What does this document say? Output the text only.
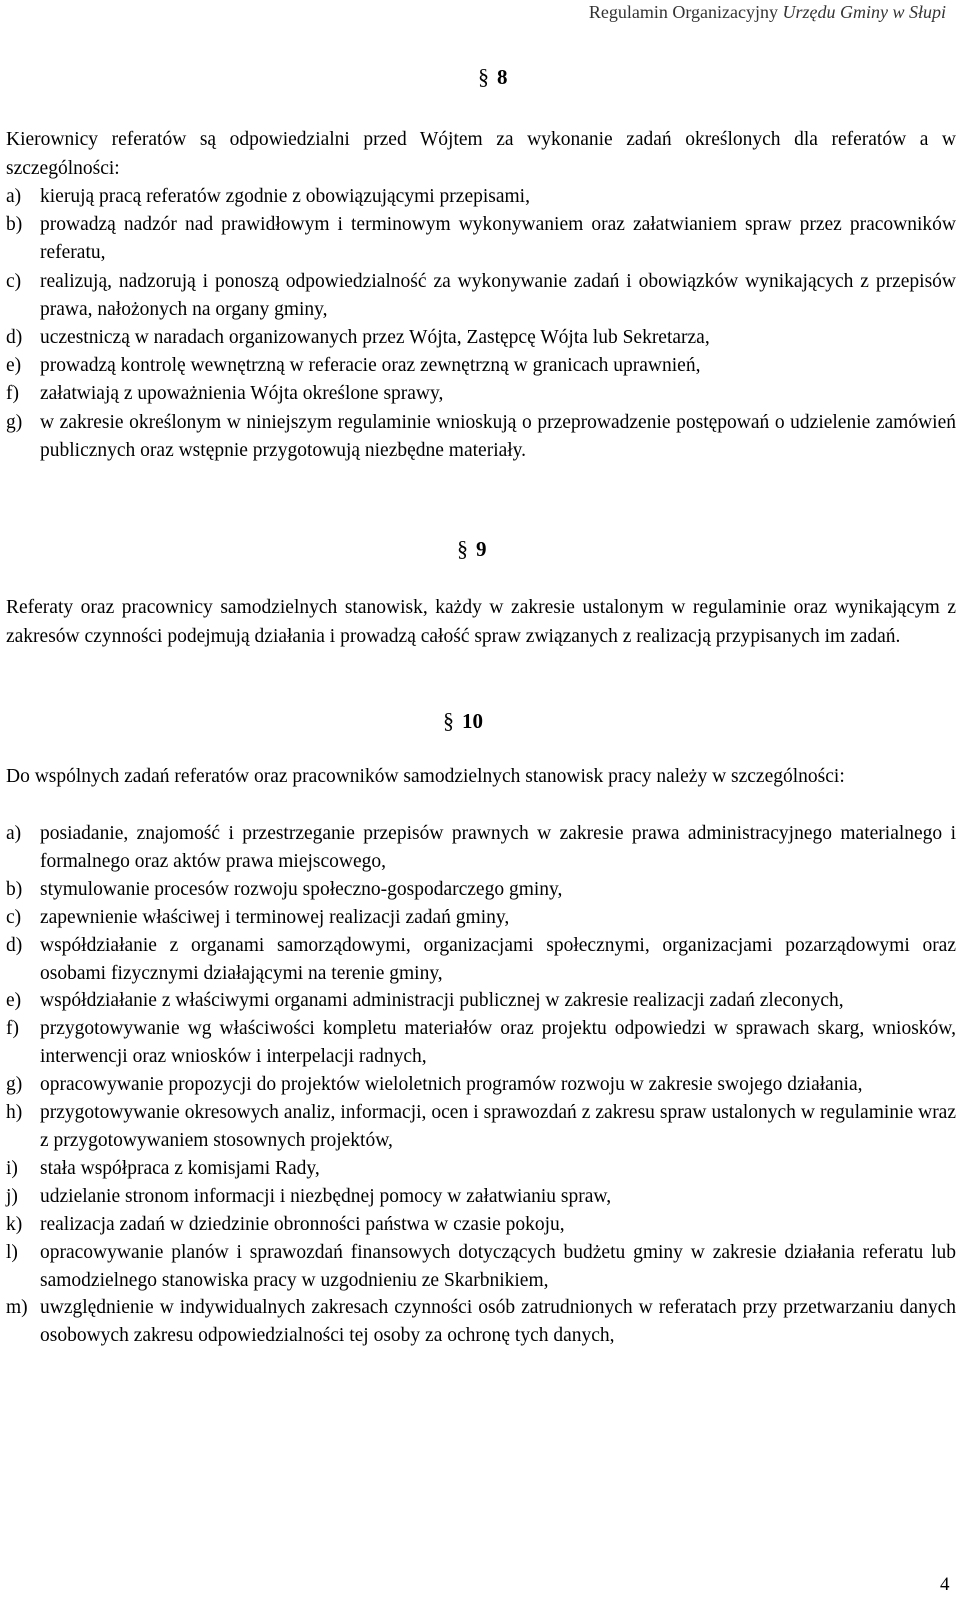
Regulamin Organizacyjny Urzędu Gminy w Słupi
§ 8
Kierownicy referatów są odpowiedzialni przed Wójtem za wykonanie zadań określonych dla referatów a w szczególności:
a) kierują pracą referatów zgodnie z obowiązującymi przepisami,
b) prowadzą nadzór nad prawidłowym i terminowym wykonywaniem oraz załatwianiem spraw przez pracowników referatu,
c) realizują, nadzorują i ponoszą odpowiedzialność za wykonywanie zadań i obowiązków wynikających z przepisów prawa, nałożonych na organy gminy,
d) uczestniczą w naradach organizowanych przez Wójta, Zastępcę Wójta lub Sekretarza,
e) prowadzą kontrolę wewnętrzną w referacie oraz zewnętrzną w granicach uprawnień,
f) załatwiają z upoważnienia Wójta określone sprawy,
g) w zakresie określonym w niniejszym regulaminie wnioskują o przeprowadzenie postępowań o udzielenie zamówień publicznych oraz wstępnie przygotowują niezbędne materiały.
§ 9
Referaty oraz pracownicy samodzielnych stanowisk, każdy w zakresie ustalonym w regulaminie oraz wynikającym z zakresów czynności podejmują działania i prowadzą całość spraw związanych z realizacją przypisanych im zadań.
§ 10
Do wspólnych zadań referatów oraz pracowników samodzielnych stanowisk pracy należy w szczególności:
a) posiadanie, znajomość i przestrzeganie przepisów prawnych w zakresie prawa administracyjnego materialnego i formalnego oraz aktów prawa miejscowego,
b) stymulowanie procesów rozwoju społeczno-gospodarczego gminy,
c) zapewnienie właściwej i terminowej realizacji zadań gminy,
d) współdziałanie z organami samorządowymi, organizacjami społecznymi, organizacjami pozarządowymi oraz osobami fizycznymi działającymi na terenie gminy,
e) współdziałanie z właściwymi organami administracji publicznej w zakresie realizacji zadań zleconych,
f) przygotowywanie wg właściwości kompletu materiałów oraz projektu odpowiedzi w sprawach skarg, wniosków, interwencji oraz wniosków i interpelacji radnych,
g) opracowywanie propozycji do projektów wieloletnich programów rozwoju w zakresie swojego działania,
h) przygotowywanie okresowych analiz, informacji, ocen i sprawozdań z zakresu spraw ustalonych w regulaminie wraz z przygotowywaniem stosownych projektów,
i) stała współpraca z komisjami Rady,
j) udzielanie stronom informacji i niezbędnej pomocy w załatwianiu spraw,
k) realizacja zadań w dziedzinie obronności państwa w czasie pokoju,
l) opracowywanie planów i sprawozdań finansowych dotyczących budżetu gminy w zakresie działania referatu lub samodzielnego stanowiska pracy w uzgodnieniu ze Skarbnikiem,
m) uwzględnienie w indywidualnych zakresach czynności osób zatrudnionych w referatach przy przetwarzaniu danych osobowych zakresu odpowiedzialności tej osoby za ochronę tych danych,
4
